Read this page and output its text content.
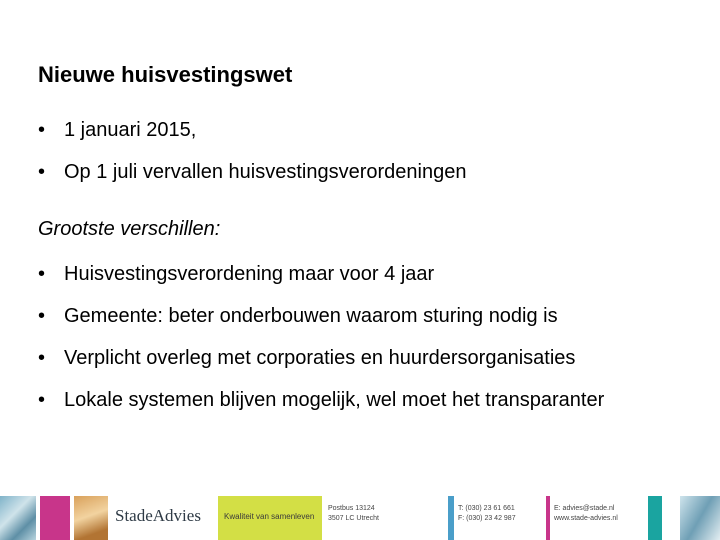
Nieuwe huisvestingswet
• 1 januari 2015,
• Op 1 juli vervallen huisvestingsverordeningen

Grootste verschillen:

• Huisvestingsverordening maar voor 4 jaar
• Gemeente: beter onderbouwen waarom sturing nodig is
• Verplicht overleg met corporaties en huurdersorganisaties
• Lokale systemen blijven mogelijk, wel moet het transparanter
StadeAdvies	Kwaliteit van samenleven
Postbus 13124
3507 LC Utrecht
T: (030) 23 61 661
F: (030) 23 42 987
E: advies@stade.nl
www.stade-advies.nl
